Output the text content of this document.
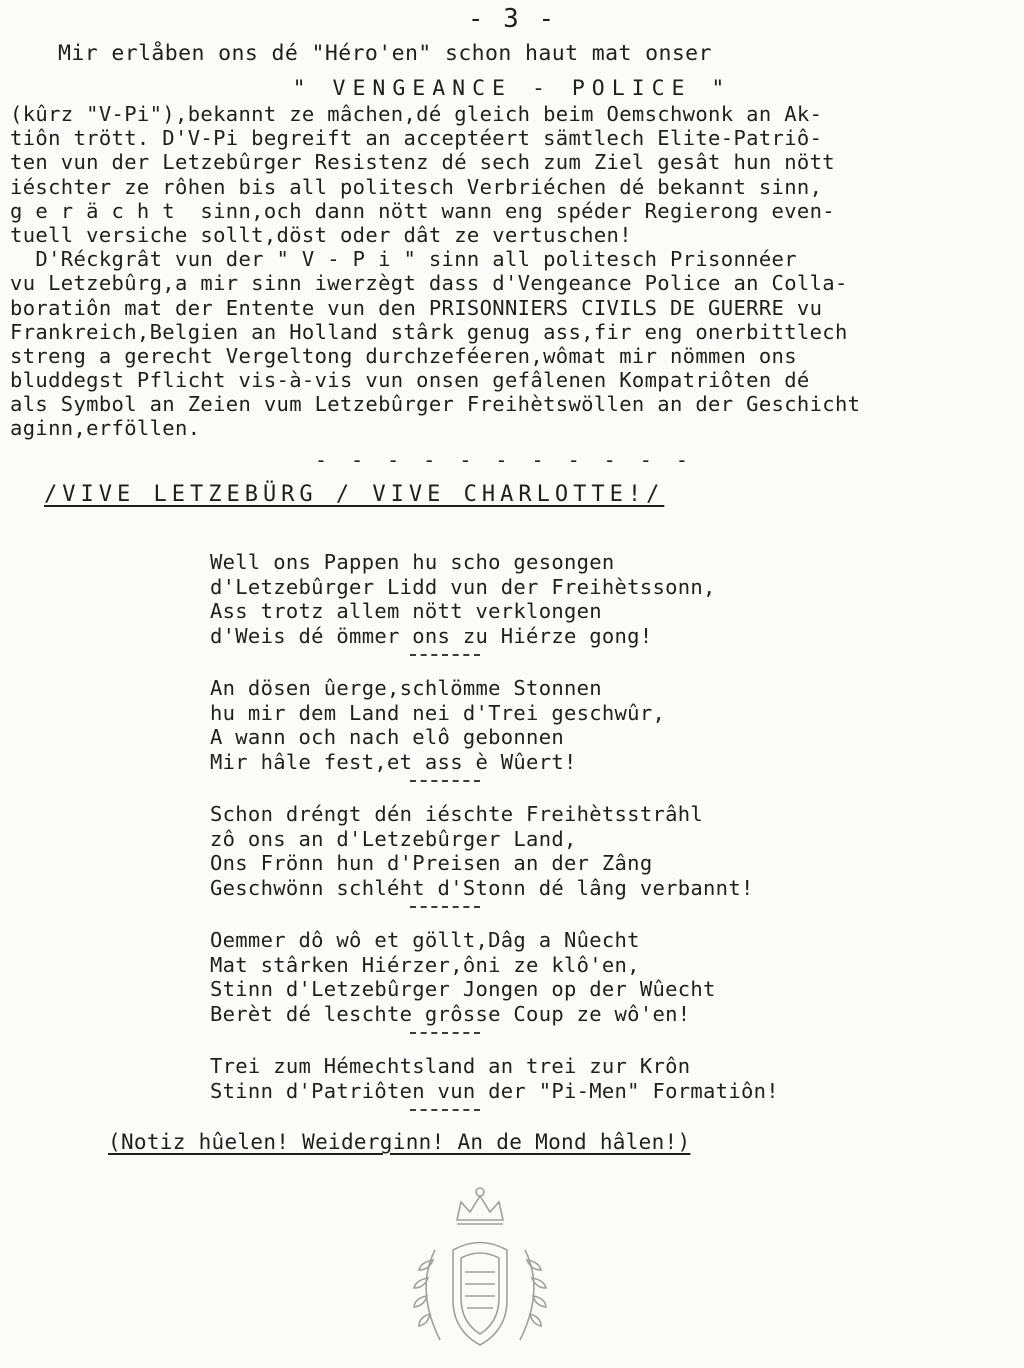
- 3 -
Mir erlåben ons dé "Héro'en" schon haut mat onser
" VENGEANCE - POLICE "
(kûrz "V-Pi"),bekannt ze mâchen,dé gleich beim Oemschwonk an Ak-
tiôn trött. D'V-Pi begreift an acceptéert sämtlech Elite-Patriô-
ten vun der Letzebûrger Resistenz dé sech zum Ziel gesât hun nött
iéschter ze rôhen bis all politesch Verbriéchen dé bekannt sinn,
g e r ä c h t  sinn,och dann nött wann eng spéder Regierong even-
tuell versiche sollt,döst oder dât ze vertuschen!
D'Réckgrât vun der " V - P i " sinn all politesch Prisonnéer
vu Letzebûrg,a mir sinn iwerzègt dass d'Vengeance Police an Colla-
boratiôn mat der Entente vun den PRISONNIERS CIVILS DE GUERRE vu
Frankreich,Belgien an Holland stârk genug ass,fir eng onerbittlech
streng a gerecht Vergeltong durchzeféeren,wômat mir nömmen ons
bluddegst Pflicht vis-à-vis vun onsen gefâlenen Kompatriôten dé
als Symbol an Zeien vum Letzebûrger Freihètswöllen an der Geschicht
aginn,erföllen.
- - - - - - - - - - -
/VIVE LETZEBÜRG / VIVE CHARLOTTE!/
Well ons Pappen hu scho gesongen
d'Letzebûrger Lidd vun der Freihètssonn,
Ass trotz allem nött verklongen
d'Weis dé ömmer ons zu Hiérze gong!
An dösen ûerge,schlömme Stonnen
hu mir dem Land nei d'Trei geschwûr,
A wann och nach elô gebonnen
Mir hâle fest,et ass è Wûert!
Schon dréngt dén iéschte Freihètsstrâhl
zô ons an d'Letzebûrger Land,
Ons Frönn hun d'Preisen an der Zâng
Geschwönn schléht d'Stonn dé lâng verbannt!
Oemmer dô wô et göllt,Dâg a Nûecht
Mat stârken Hiérzer,ôni ze klô'en,
Stinn d'Letzebûrger Jongen op der Wûecht
Berèt dé leschte grôsse Coup ze wô'en!
Trei zum Hémechtsland an trei zur Krôn
Stinn d'Patriôten vun der "Pi-Men" Formatiôn!
(Notiz hûelen! Weiderginn! An de Mond hâlen!)
